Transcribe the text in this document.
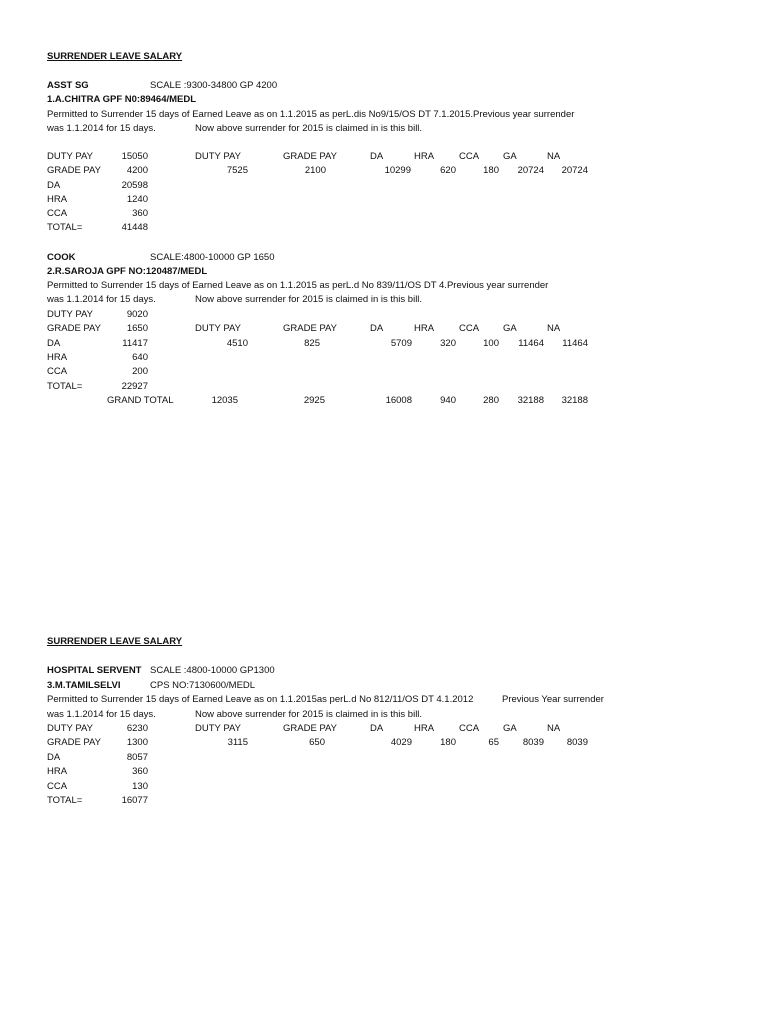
SURRENDER LEAVE SALARY
ASST SG	SCALE :9300-34800 GP 4200
1.A.CHITRA GPF N0:89464/MEDL
Permitted to Surrender 15 days of Earned Leave as on 1.1.2015 as perL.dis No9/15/OS DT 7.1.2015.Previous year surrender
was 1.1.2014 for 15 days.	Now above surrender for 2015 is claimed in is this bill.
DUTY PAY	15050
GRADE PAY	4200
DA	20598
HRA	1240
CCA	360
TOTAL=	41448
DUTY PAY	GRADE PAY	DA	HRA	CCA	GA	NA
7525	2100	10299	620	180	20724	20724
COOK	SCALE:4800-10000 GP 1650
2.R.SAROJA GPF NO:120487/MEDL
Permitted to Surrender 15 days of Earned Leave as on 1.1.2015 as perL.d No 839/11/OS DT 4.Previous year surrender
was 1.1.2014 for 15 days.	Now above surrender for 2015 is claimed in is this bill.
DUTY PAY	9020
GRADE PAY	1650
DA	11417
HRA	640
CCA	200
TOTAL=	22927
DUTY PAY	GRADE PAY	DA	HRA	CCA	GA	NA
4510	825	5709	320	100	11464	11464
GRAND TOTAL	12035	2925	16008	940	280	32188	32188
SURRENDER LEAVE SALARY
HOSPITAL SERVENT SCALE :4800-10000 GP1300
3.M.TAMILSELVI	CPS NO:7130600/MEDL
Permitted to Surrender 15 days of Earned Leave as on 1.1.2015as perL.d No 812/11/OS DT 4.1.2012	Previous Year surrender
was 1.1.2014 for 15 days.	Now above surrender for 2015 is claimed in is this bill.
DUTY PAY	6230
GRADE PAY	1300
DA	8057
HRA	360
CCA	130
TOTAL=	16077
DUTY PAY	GRADE PAY	DA	HRA	CCA	GA	NA
3115	650	4029	180	65	8039	8039
